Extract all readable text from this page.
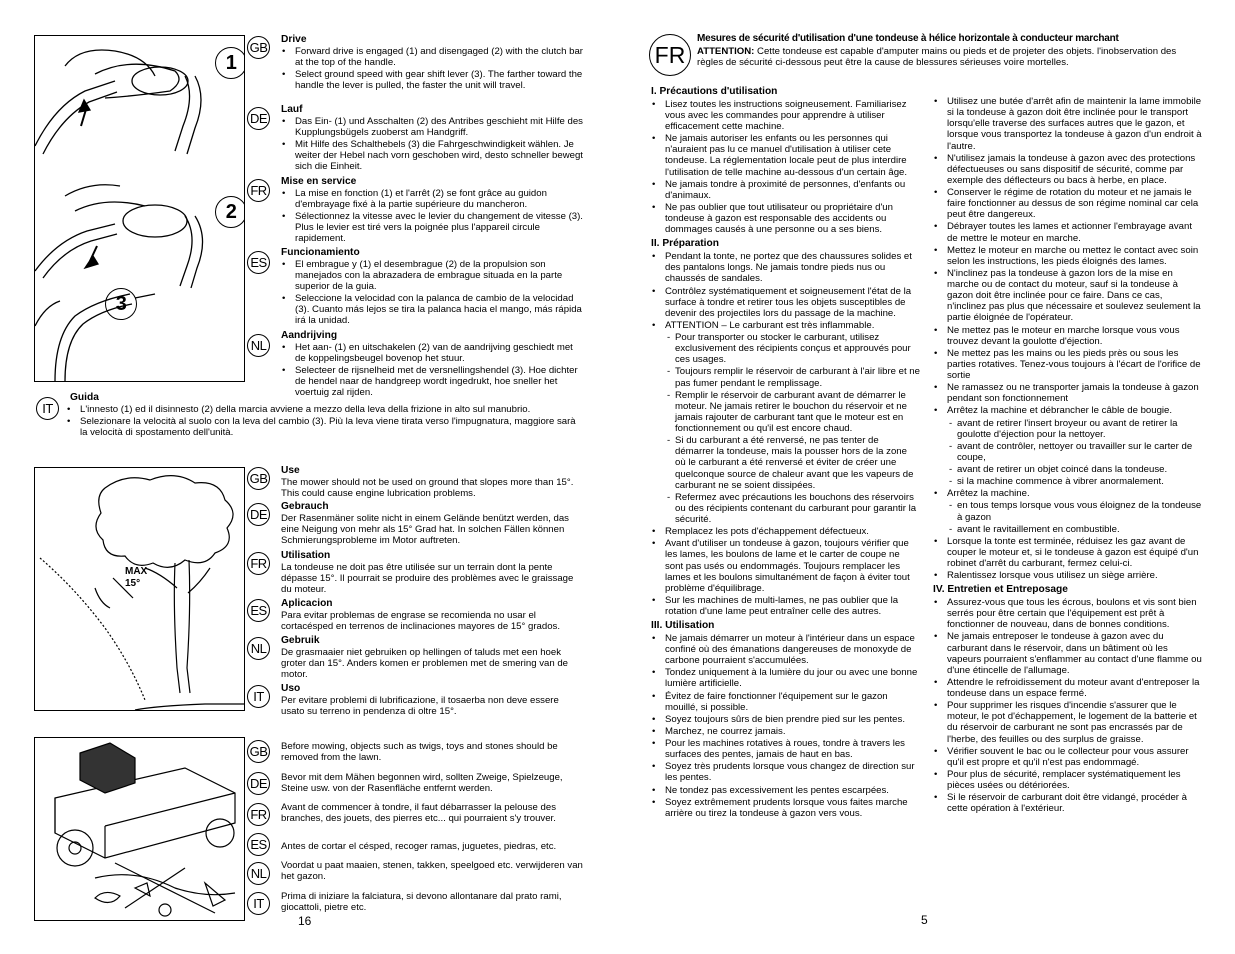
1
2
3
GB

Drive

• Forward drive is engaged (1) and disengaged (2) with the clutch bar at the top of the handle.
• Select ground speed with gear shift lever (3). The farther toward the handle the lever is pulled, the faster the unit will travel.
DE

Lauf

• Das Ein- (1) und Asschalten (2) des Antribes geschieht mit Hilfe des Kupplungsbügels zuoberst am Handgriff.
• Mit Hilfe des Schalthebels (3) die Fahrgeschwindigkeit wählen. Je weiter der Hebel nach vorn geschoben wird, desto schneller bewegt sich die Einheit.
FR

Mise en service

• La mise en fonction (1) et l'arrêt (2) se font grâce au guidon d'embrayage fixé à la partie supérieure du mancheron.
• Sélectionnez la vitesse avec le levier du changement de vitesse (3). Plus le levier est tiré vers la poignée plus l'appareil circule rapidement.
ES

Funcionamiento

• El embrague y (1) el desembrague (2) de la propulsion son manejados con la abrazadera de embrague situada en la parte superior de la guia.
• Seleccione la velocidad con la palanca de cambio de la velocidad (3). Cuanto más lejos se tira la palanca hacia el mango, más rápida irá la unidad.
NL

Aandrijving

• Het aan- (1) en uitschakelen (2) van de aandrijving geschiedt met de koppelingsbeugel bovenop het stuur.
• Selecteer de rijsnelheid met de versnellingshendel (3). Hoe dichter de hendel naar de handgreep wordt ingedrukt, hoe sneller het voertuig zal rijden.
IT

Guida

• L'innesto (1) ed il disinnesto (2) della marcia avviene a mezzo della leva della frizione in alto sul manubrio.
• Selezionare la velocità al suolo con la leva del cambio (3). Più la leva viene tirata verso l'impugnatura, maggiore sarà la velocità di spostamento dell'unità.
MAX
15°
GB

Use

The mower should not be used on ground that slopes more than 15°. This could cause engine lubrication problems.

DE

Gebrauch

Der Rasenmäner solite nicht in einem Gelände benützt werden, das eine Neigung von mehr als 15° Grad hat. In solchen Fällen können Schmierungsprobleme im Motor auftreten.

FR

Utilisation

La tondeuse ne doit pas être utilisée sur un terrain dont la pente dépasse 15°. Il pourrait se produire des problèmes avec le graissage du moteur.

ES	Aplicacion

Para evitar problemas de engrase se recomienda no usar el cortacésped en terrenos de inclinaciones mayores de 15° grados.

NL

Gebruik

De grasmaaier niet gebruiken op hellingen of taluds met een hoek groter dan 15°. Anders komen er problemen met de smering van de motor.

IT

Uso

Per evitare problemi di lubrificazione, il tosaerba non deve essere usato su terreno in pendenza di oltre 15°.

GB Before mowing, objects such as twigs, toys and stones should be removed from the lawn.
DE	Bevor mit dem Mähen begonnen wird, sollten Zweige, Spielzeuge, Steine usw. von der Rasenfläche entfernt werden.
FR	Avant de commencer à tondre, il faut débarrasser la pelouse des branches, des jouets, des pierres etc... qui pourraient s'y trouver.
ES	Antes de cortar el césped, recoger ramas, juguetes, piedras, etc.
NL
Voordat u paat maaien, stenen, takken, speelgoed etc. verwijderen van het gazon.
IT	Prima di iniziare la falciatura, si devono allontanare dal prato rami, giocattoli, pietre etc.
16
FR
Mesures de sécurité d'utilisation d'une tondeuse à hélice horizontale à conducteur marchant
ATTENTION: Cette tondeuse est capable d'amputer mains ou pieds et de projeter des objets. l'inobservation des règles de sécurité ci-dessous peut être la cause de blessures sérieuses voire mortelles.
I. Précautions d'utilisation
• Lisez toutes les instructions soigneusement. Familiarisez vous avec les commandes pour apprendre à utiliser efficacement cette machine.
• Ne jamais autoriser les enfants ou les personnes qui n'auraient pas lu ce manuel d'utilisation à utiliser cete tondeuse. La réglementation locale peut de plus interdire l'utilisation de telle machine au-dessous d'un certain âge.
• Ne jamais tondre à proximité de personnes, d'enfants ou d'animaux.
• Ne pas oublier que tout utilisateur ou propriétaire d'un tondeuse à gazon est responsable des accidents ou dommages causés à une personne ou a ses biens.
II. Préparation
• Pendant la tonte, ne portez que des chaussures solides et des pantalons longs. Ne jamais tondre pieds nus ou chaussés de sandales.
• Contrôlez systématiquement et soigneusement l'état de la surface à tondre et retirer tous les objets susceptibles de devenir des projectiles lors du passage de la machine.
• ATTENTION – Le carburant est très inflammable.
- Pour transporter ou stocker le carburant, utilisez exclusivement des récipients conçus et approuvés pour ces usages.
- Toujours remplir le réservoir de carburant à l'air libre et ne pas fumer pendant le remplissage.
- Remplir le réservoir de carburant avant de démarrer le moteur. Ne jamais retirer le bouchon du réservoir et ne jamais rajouter de carburant tant que le moteur est en fonctionnement ou qu'il est encore chaud.
- Si du carburant a été renversé, ne pas tenter de démarrer la tondeuse, mais la pousser hors de la zone où le carburant a été renversé et éviter de créer une quelconque source de chaleur avant que les vapeurs de carburant ne se soient dissipées.
- Refermez avec précautions les bouchons des réservoirs ou des récipients contenant du carburant pour garantir la sécurité.
• Remplacez les pots d'échappement défectueux.
• Avant d'utiliser un tondeuse à gazon, toujours vérifier que les lames, les boulons de lame et le carter de coupe ne sont pas usés ou endommagés. Toujours remplacer les lames et les boulons simultanément de façon à éviter tout problème d'équilibrage.
• Sur les machines de multi-lames, ne pas oublier que la rotation d'une lame peut entraîner celle des autres.
III. Utilisation
• Ne jamais démarrer un moteur à l'intérieur dans un espace confiné où des émanations dangereuses de monoxyde de carbone pourraient s'accumulées.
• Tondez uniquement à la lumière du jour ou avec une bonne lumière artificielle.
• Évitez de faire fonctionner l'équipement sur le gazon mouillé, si possible.
• Soyez toujours sûrs de bien prendre pied sur les pentes.
• Marchez, ne courrez jamais.
• Pour les machines rotatives à roues, tondre à travers les surfaces des pentes, jamais de haut en bas.
• Soyez très prudents lorsque vous changez de direction sur les pentes.
• Ne tondez pas excessivement les pentes escarpées.
• Soyez extrêmement prudents lorsque vous faites marche arrière ou tirez la tondeuse à gazon vers vous.
• Utilisez une butée d'arrêt afin de maintenir la lame immobile si la tondeuse à gazon doit être inclinée pour le transport lorsqu'elle traverse des surfaces autres que le gazon, et lorsque vous transportez la tondeuse à gazon d'un endroit à l'autre.
• N'utilisez jamais la tondeuse à gazon avec des protections défectueuses ou sans dispositif de sécurité, comme par exemple des déflecteurs ou bacs à herbe, en place.
• Conserver le régime de rotation du moteur et ne jamais le faire fonctionner au dessus de son régime nominal car cela peut être dangereux.
• Débrayer toutes les lames et actionner l'embrayage avant de mettre le moteur en marche.
• Mettez le moteur en marche ou mettez le contact avec soin selon les instructions, les pieds éloignés des lames.
• N'inclinez pas la tondeuse à gazon lors de la mise en marche ou de contact du moteur, sauf si la tondeuse à gazon doit être inclinée pour ce faire. Dans ce cas, n'inclinez pas plus que nécessaire et soulevez seulement la partie éloignée de l'opérateur.
• Ne mettez pas le moteur en marche lorsque vous vous trouvez devant la goulotte d'éjection.
• Ne mettez pas les mains ou les pieds près ou sous les parties rotatives. Tenez-vous toujours à l'écart de l'orifice de sortie
• Ne ramassez ou ne transporter jamais la tondeuse à gazon pendant son fonctionnement
• Arrêtez la machine et débrancher le câble de bougie.
- avant de retirer l'insert broyeur ou avant de retirer la goulotte d'éjection pour la nettoyer.
- avant de contrôler, nettoyer ou travailler sur le carter de coupe,
- avant de retirer un objet coincé dans la tondeuse.
- si la machine commence à vibrer anormalement.
• Arrêtez la machine.
- en tous temps lorsque vous vous éloignez de la tondeuse à gazon
- avant le ravitaillement en combustible.
• Lorsque la tonte est terminée, réduisez les gaz avant de couper le moteur et, si le tondeuse à gazon est équipé d'un robinet d'arrêt du carburant, fermez celui-ci.
• Ralentissez lorsque vous utilisez un siège arrière.
IV. Entretien et Entreposage
• Assurez-vous que tous les écrous, boulons et vis sont bien serrés pour être certain que l'équipement est prêt à fonctionner de nouveau, dans de bonnes conditions.
• Ne jamais entreposer le tondeuse à gazon avec du carburant dans le réservoir, dans un bâtiment où les vapeurs pourraient s'enflammer au contact d'une flamme ou d'une étincelle de l'allumage.
• Attendre le refroidissement du moteur avant d'entreposer la tondeuse dans un espace fermé.
• Pour supprimer les risques d'incendie s'assurer que le moteur, le pot d'échappement, le logement de la batterie et du réservoir de carburant ne sont pas encrassés par de l'herbe, des feuilles ou des surplus de graisse.
• Vérifier souvent le bac ou le collecteur pour vous assurer qu'il est propre et qu'il n'est pas endommagé.
• Pour plus de sécurité, remplacer systématiquement les pièces usées ou détériorées.
• Si le réservoir de carburant doit être vidangé, procéder à cette opération à l'extérieur.
5
